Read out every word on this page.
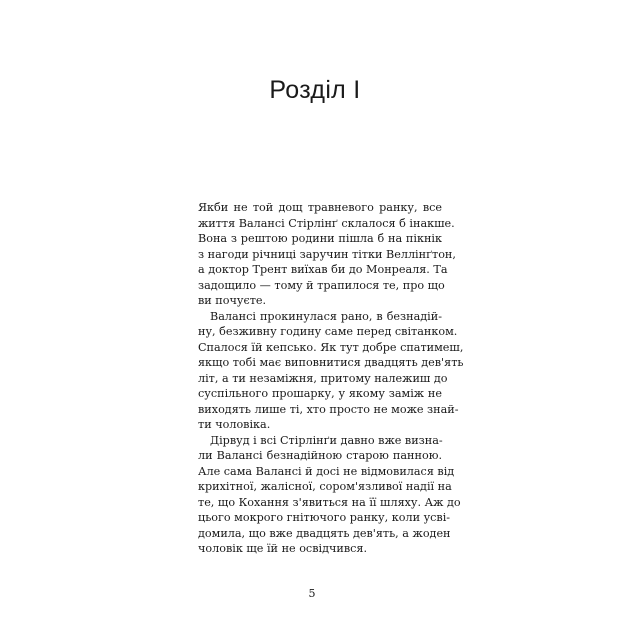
Розділ I
Якби не той дощ травневого ранку, все
життя Валансі Стірлінґ склалося б інакше.
Вона з рештою родини пішла б на пікнік
з нагоди річниці заручин тітки Веллінґтон,
а доктор Трент виїхав би до Монреаля. Та
задощило — тому й трапилося те, про що
ви почуєте.
Валансі прокинулася рано, в безнадій-
ну, безживну годину саме перед світанком.
Спалося їй кепсько. Як тут добре спатимеш,
якщо тобі має виповнитися двадцять дев'ять
літ, а ти незаміжня, притому належиш до
суспільного прошарку, у якому заміж не
виходять лише ті, хто просто не може знай-
ти чоловіка.
Дірвуд і всі Стірлінґи давно вже визна-
ли Валансі безнадійною старою панною.
Але сама Валансі й досі не відмовилася від
крихітної, жалісної, сором'язливої надії на
те, що Кохання з'явиться на її шляху. Аж до
цього мокрого гнітючого ранку, коли усві-
домила, що вже двадцять дев'ять, а жоден
чоловік ще їй не освідчився.
5
